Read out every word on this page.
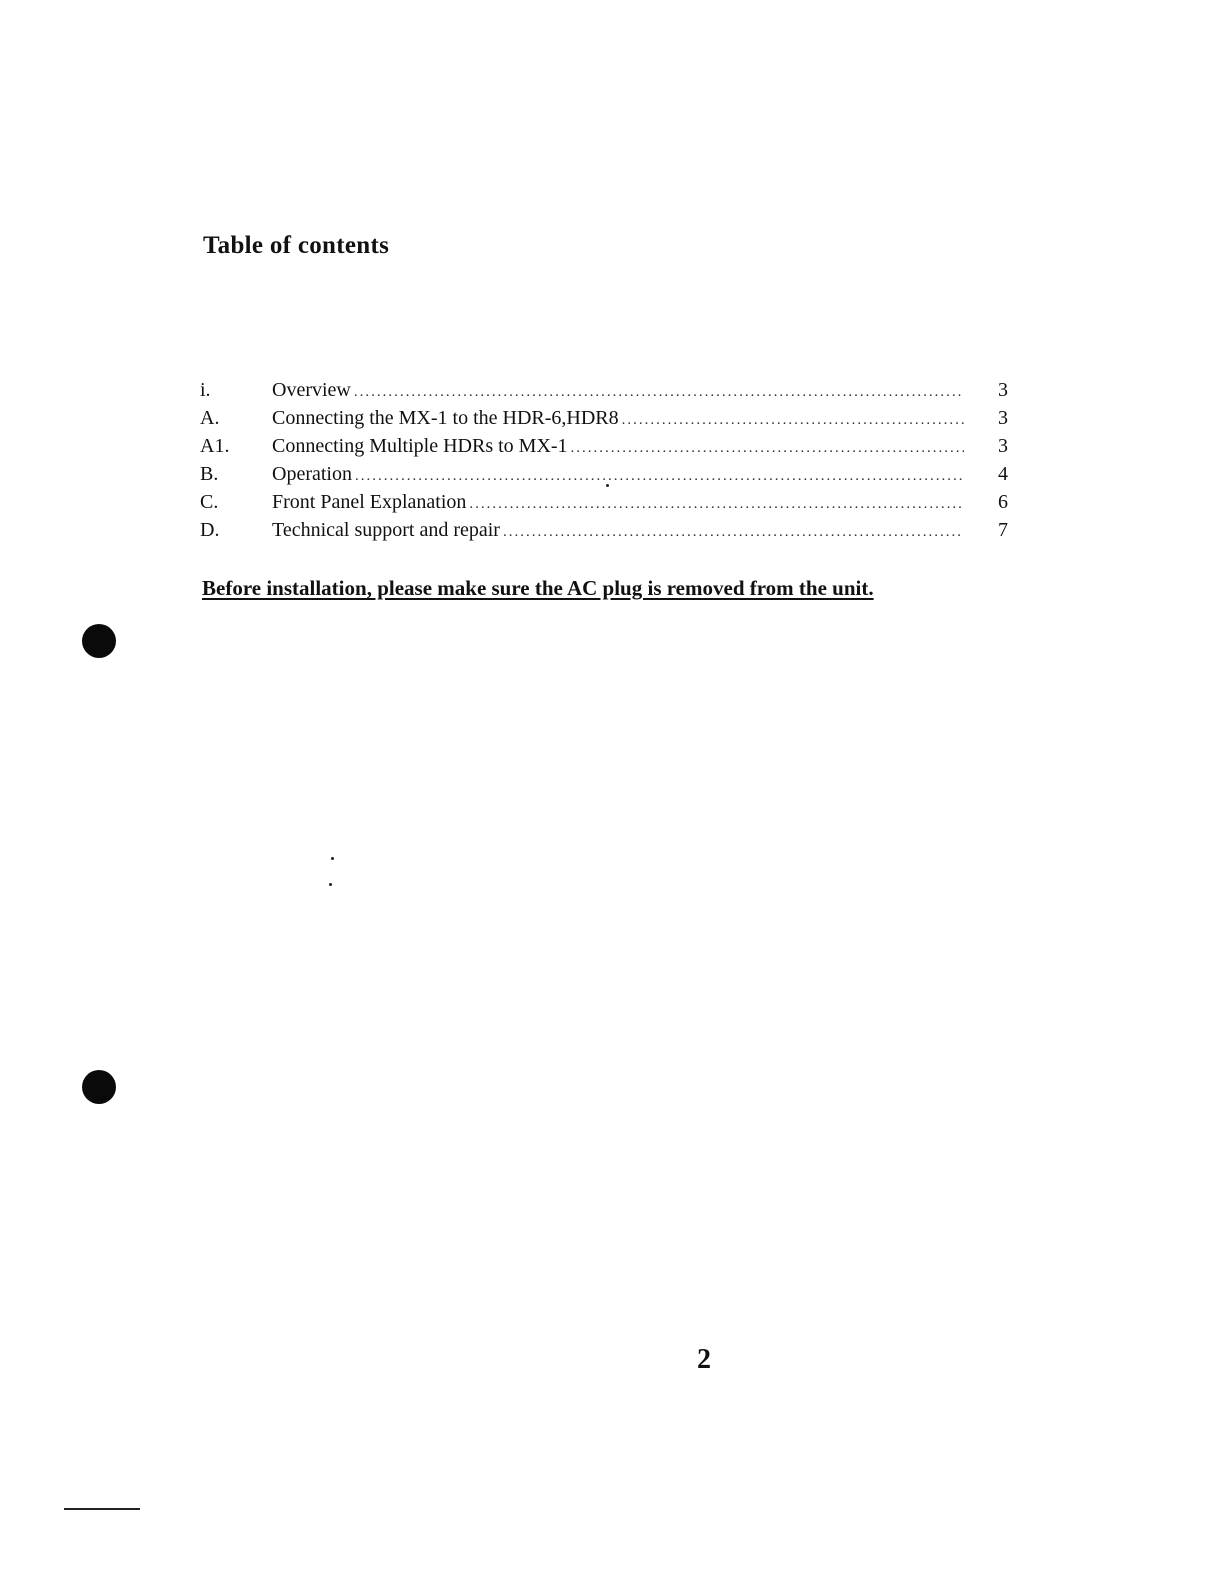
Table of contents
i.	Overview .....	3
A.	Connecting the MX-1 to the HDR-6,HDR8 .....	3
A1. Connecting Multiple HDRs to MX-1 .....	3
B.	Operation .....	4
C.	Front Panel Explanation .....	6
D.	Technical support and repair .....	7
Before installation, please make sure the AC plug is removed from the unit.
2
